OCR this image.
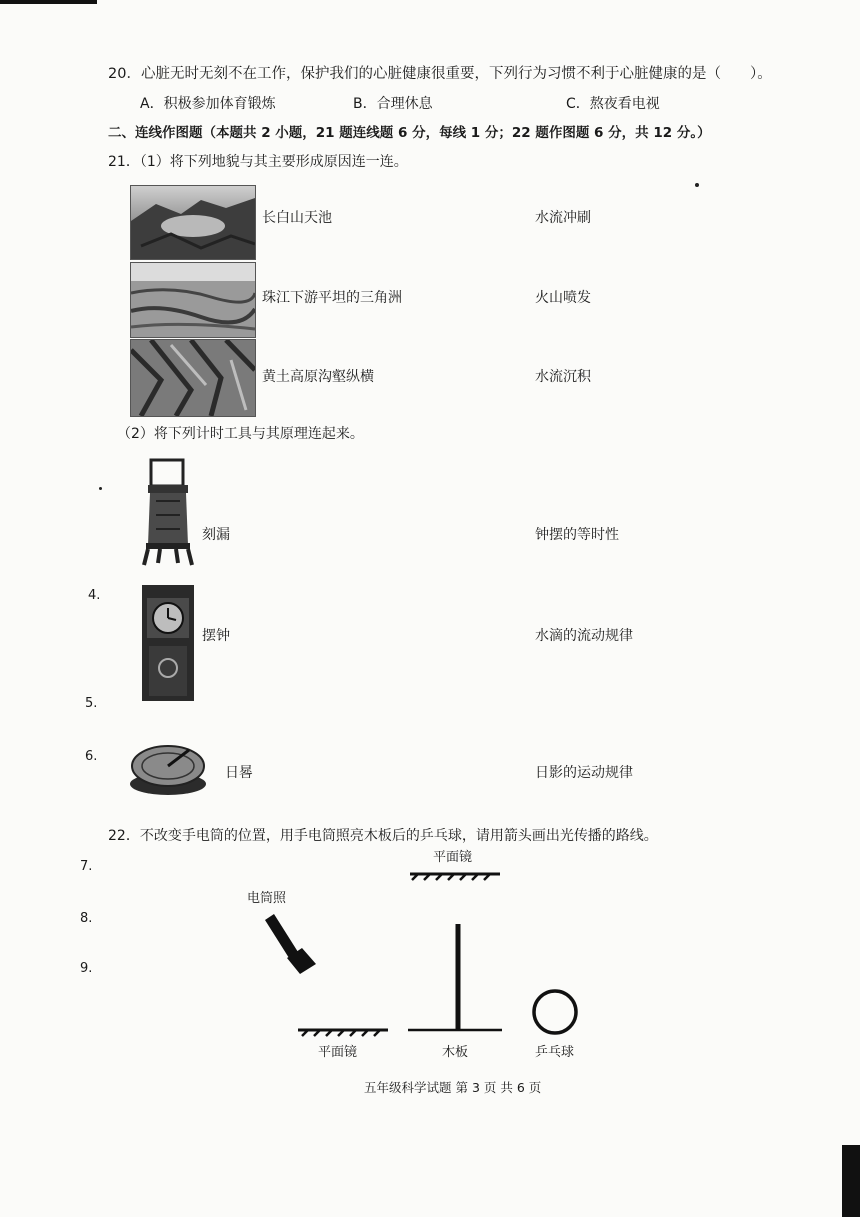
20．心脏无时无刻不在工作，保护我们的心脏健康很重要，下列行为习惯不利于心脏健康的是（　　）。
A．积极参加体育锻炼	B．合理休息	C．熬夜看电视
二、连线作图题（本题共 2 小题，21 题连线题 6 分，每线 1 分；22 题作图题 6 分，共 12 分。）
21．（1）将下列地貌与其主要形成原因连一连。
长白山天池
珠江下游平坦的三角洲
黄土高原沟壑纵横
水流冲刷
火山喷发
水流沉积
（2）将下列计时工具与其原理连起来。
刻漏
摆钟
日晷
钟摆的等时性
水滴的流动规律
日影的运动规律
4.
5.
6.
7.
8.
9.
22．不改变手电筒的位置，用手电筒照亮木板后的乒乓球，请用箭头画出光传播的路线。
平面镜
电筒照
平面镜	木板	乒乓球
五年级科学试题 第 3 页 共 6 页
